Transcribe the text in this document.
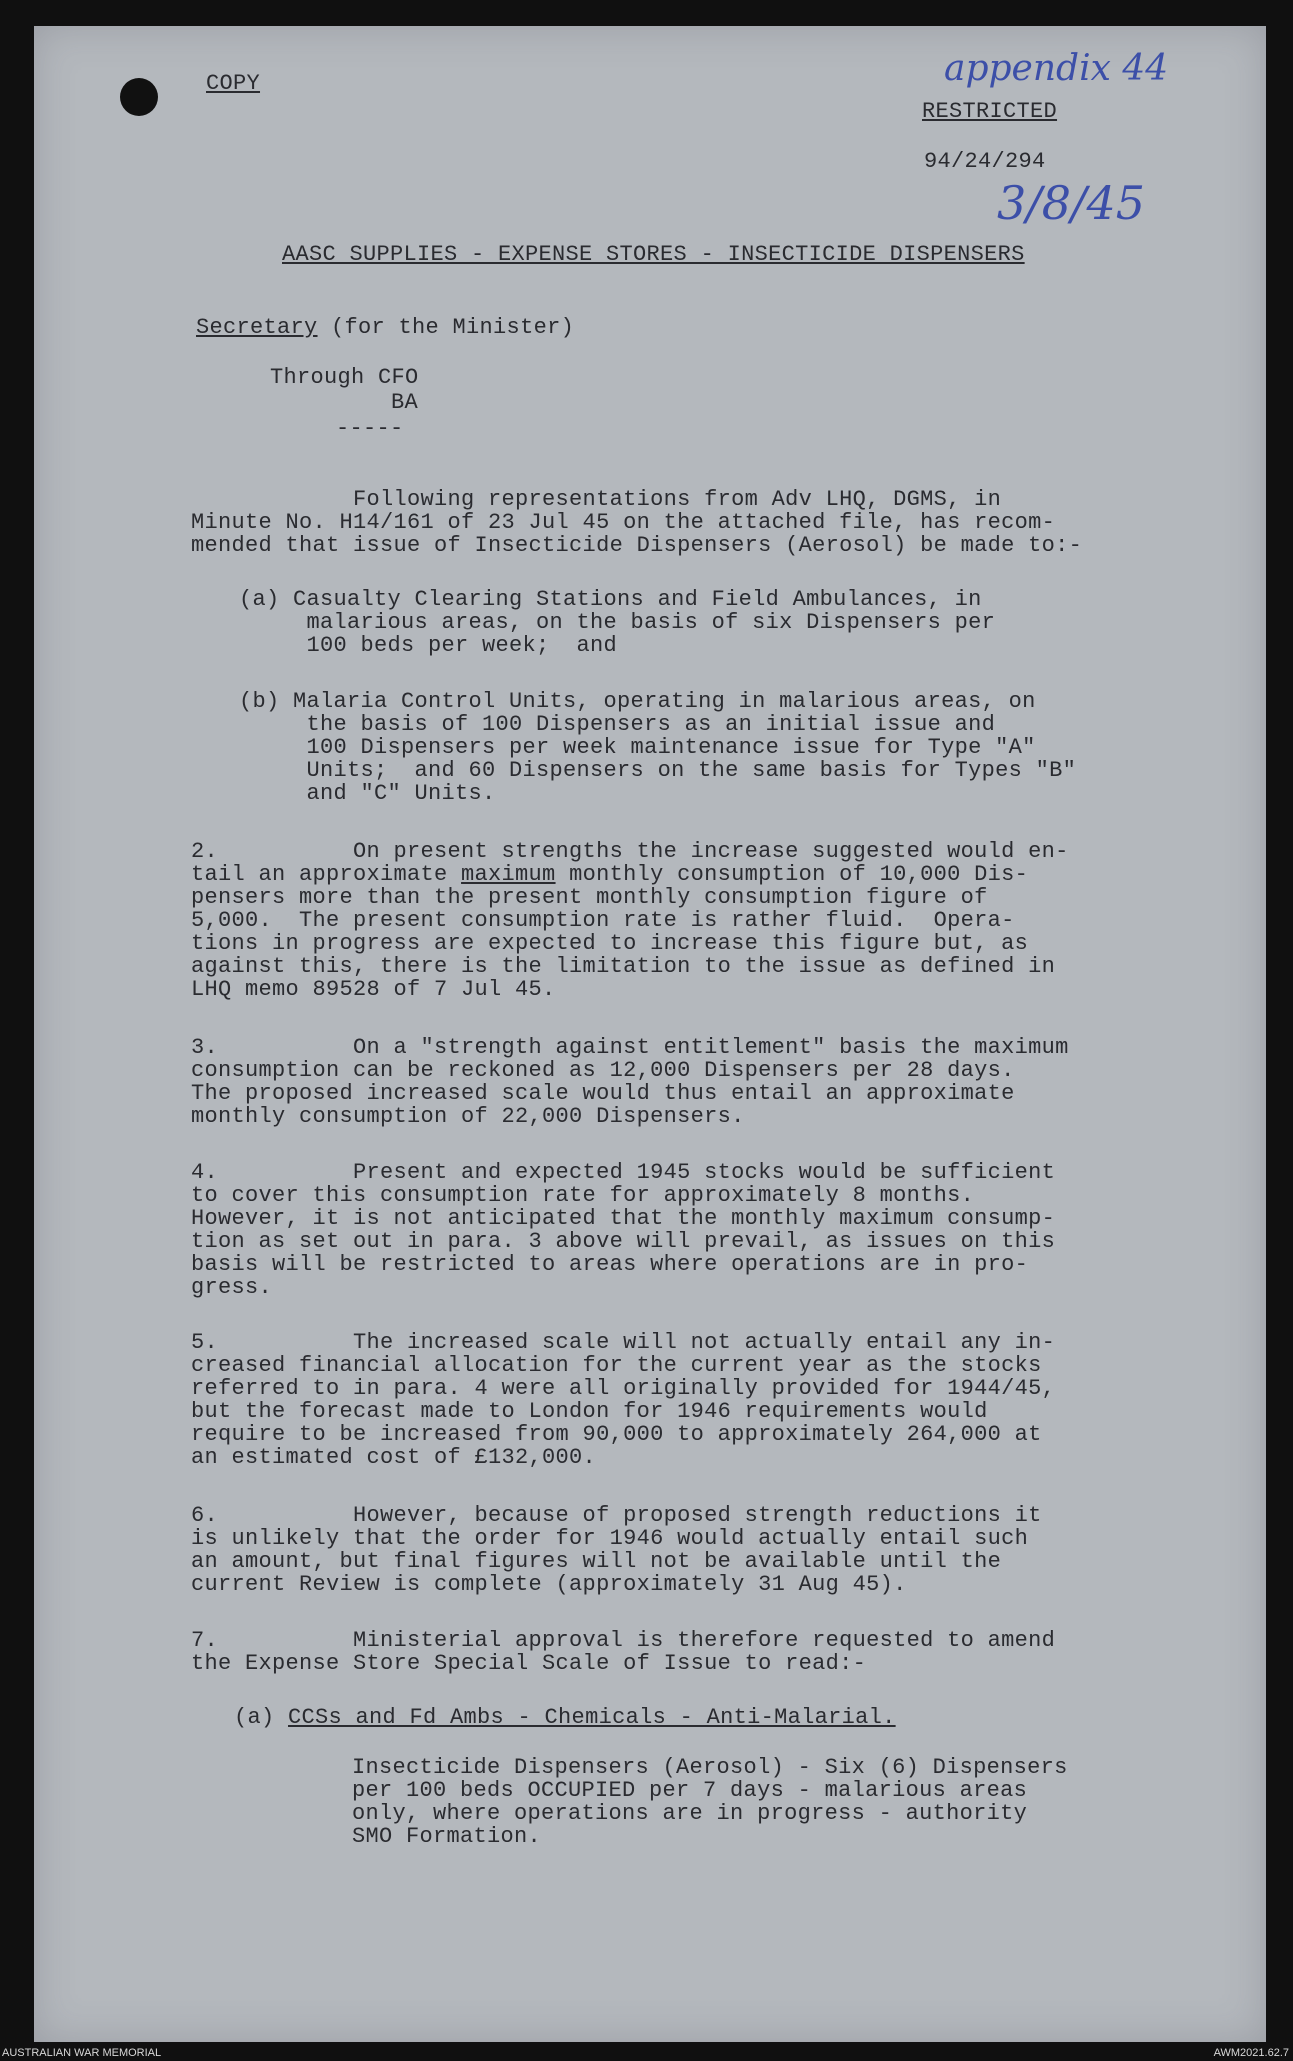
COPY	appendix 44
RESTRICTED
94/24/294
3/8/45
AASC SUPPLIES - EXPENSE STORES - INSECTICIDE DISPENSERS
Secretary (for the Minister)
Through CFO
BA
-----
Following representations from Adv LHQ, DGMS, in
Minute No. H14/161 of 23 Jul 45 on the attached file, has recom-
mended that issue of Insecticide Dispensers (Aerosol) be made to:-
(a) Casualty Clearing Stations and Field Ambulances, in
malarious areas, on the basis of six Dispensers per
100 beds per week;  and
(b) Malaria Control Units, operating in malarious areas, on
the basis of 100 Dispensers as an initial issue and
100 Dispensers per week maintenance issue for Type "A"
Units;  and 60 Dispensers on the same basis for Types "B"
and "C" Units.
2.          On present strengths the increase suggested would en-
tail an approximate maximum monthly consumption of 10,000 Dis-
pensers more than the present monthly consumption figure of
5,000.  The present consumption rate is rather fluid.  Opera-
tions in progress are expected to increase this figure but, as
against this, there is the limitation to the issue as defined in
LHQ memo 89528 of 7 Jul 45.
3.          On a "strength against entitlement" basis the maximum
consumption can be reckoned as 12,000 Dispensers per 28 days.
The proposed increased scale would thus entail an approximate
monthly consumption of 22,000 Dispensers.
4.          Present and expected 1945 stocks would be sufficient
to cover this consumption rate for approximately 8 months.
However, it is not anticipated that the monthly maximum consump-
tion as set out in para. 3 above will prevail, as issues on this
basis will be restricted to areas where operations are in pro-
gress.
5.          The increased scale will not actually entail any in-
creased financial allocation for the current year as the stocks
referred to in para. 4 were all originally provided for 1944/45,
but the forecast made to London for 1946 requirements would
require to be increased from 90,000 to approximately 264,000 at
an estimated cost of £132,000.
6.          However, because of proposed strength reductions it
is unlikely that the order for 1946 would actually entail such
an amount, but final figures will not be available until the
current Review is complete (approximately 31 Aug 45).
7.          Ministerial approval is therefore requested to amend
the Expense Store Special Scale of Issue to read:-
(a) CCSs and Fd Ambs - Chemicals - Anti-Malarial.
Insecticide Dispensers (Aerosol) - Six (6) Dispensers
per 100 beds OCCUPIED per 7 days - malarious areas
only, where operations are in progress - authority
SMO Formation.
AUSTRALIAN WAR MEMORIAL	AWM2021.62.7
